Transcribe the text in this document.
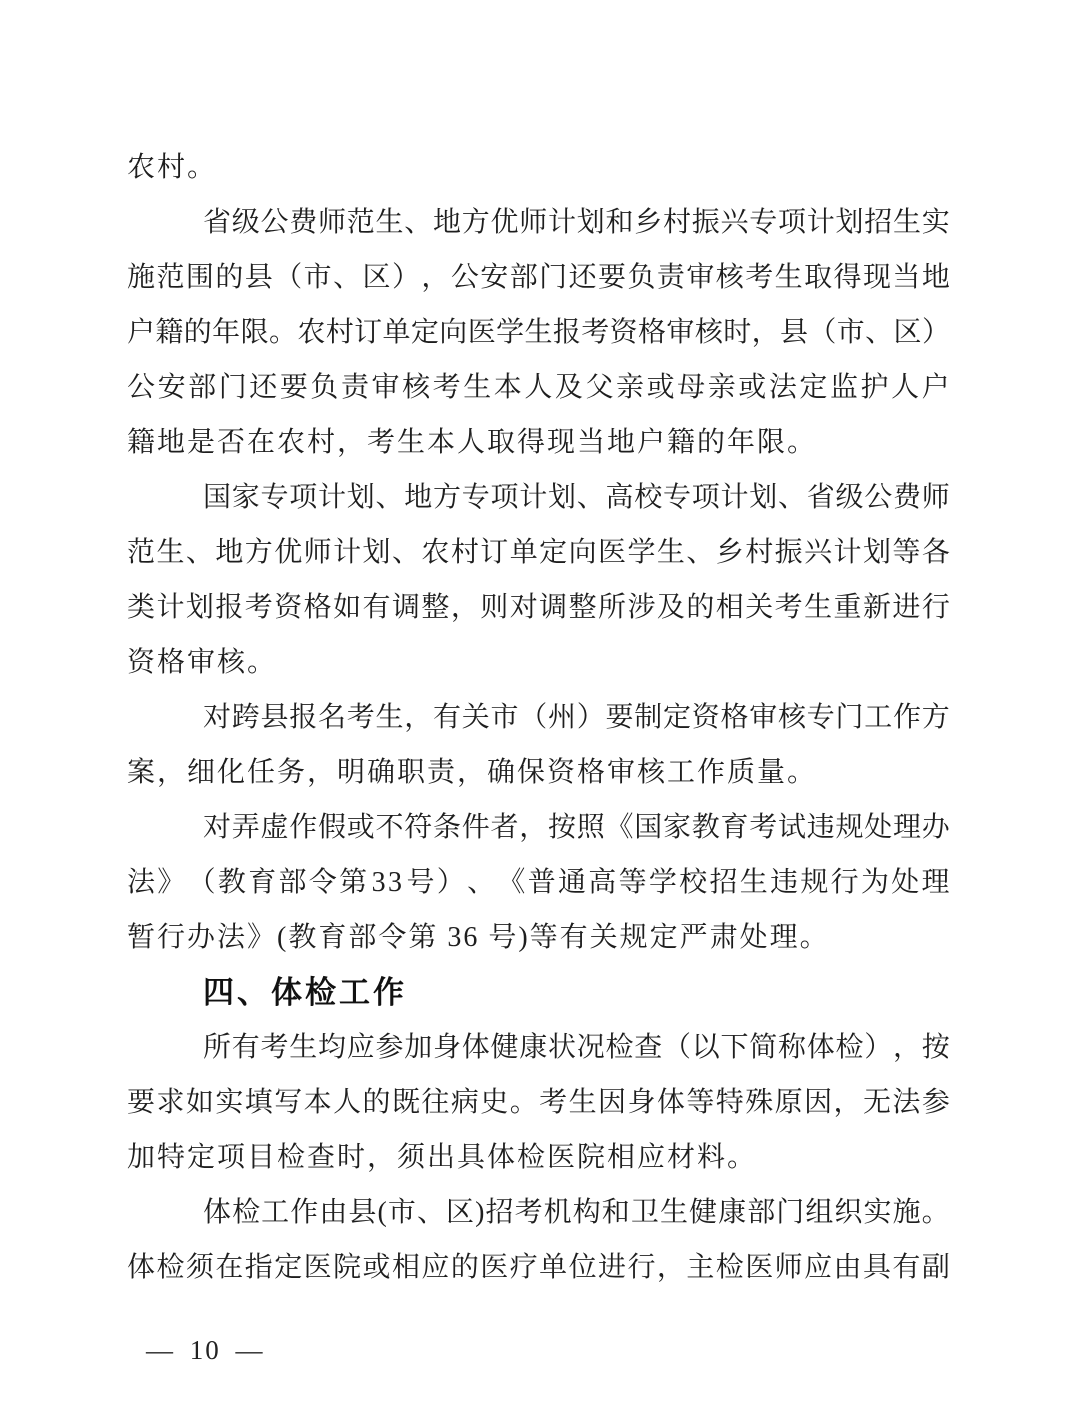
农村。
省 级 公 费 师 范 生 、 地 方 优 师 计 划 和 乡 村 振 兴 专 项 计 划 招 生 实
施 范 围 的 县 （ 市 、 区 ） ， 公 安 部 门 还 要 负 责 审 核 考 生 取 得 现 当 地
户 籍 的 年 限 。 农 村 订 单 定 向 医 学 生 报 考 资 格 审 核 时 ， 县 （ 市 、 区 ）
公 安 部 门 还 要 负 责 审 核 考 生 本 人 及 父 亲 或 母 亲 或 法 定 监 护 人 户
籍地是否在农村，考生本人取得现当地户籍的年限。
国 家 专 项 计 划 、 地 方 专 项 计 划 、 高 校 专 项 计 划 、 省 级 公 费 师
范 生 、 地 方 优 师 计 划 、 农 村 订 单 定 向 医 学 生 、 乡 村 振 兴 计 划 等 各
类 计 划 报 考 资 格 如 有 调 整 ， 则 对 调 整 所 涉 及 的 相 关 考 生 重 新 进 行
资格审核。
对 跨 县 报 名 考 生 ， 有 关 市 （ 州 ） 要 制 定 资 格 审 核 专 门 工 作 方
案，细化任务，明确职责，确保资格审核工作质量。
对 弄 虚 作 假 或 不 符 条 件 者 ， 按 照 《 国 家 教 育 考 试 违 规 处 理 办
法 》 （ 教 育 部 令 第 3 3 号 ） 、 《 普 通 高 等 学 校 招 生 违 规 行 为 处 理
暂行办法》(教育部令第 36 号)等有关规定严肃处理。
四、体检工作
所 有 考 生 均 应 参 加 身 体 健 康 状 况 检 查 （ 以 下 简 称 体 检 ） ， 按
要 求 如 实 填 写 本 人 的 既 往 病 史 。 考 生 因 身 体 等 特 殊 原 因 ， 无 法 参
加特定项目检查时，须出具体检医院相应材料。
体 检 工 作 由 县 ( 市 、 区 ) 招 考 机 构 和 卫 生 健 康 部 门 组 织 实 施 。
体 检 须 在 指 定 医 院 或 相 应 的 医 疗 单 位 进 行 ， 主 检 医 师 应 由 具 有 副
— 10 —
